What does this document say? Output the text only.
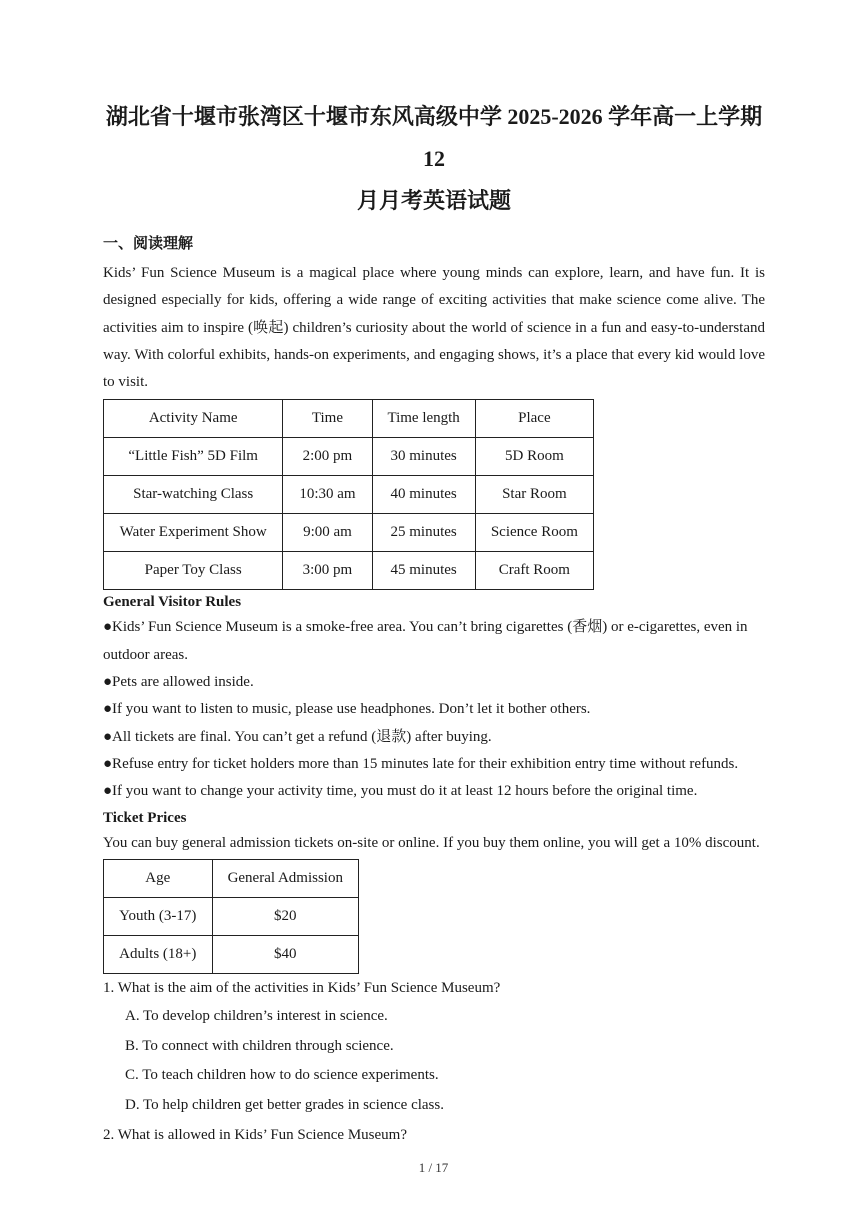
湖北省十堰市张湾区十堰市东风高级中学 2025-2026 学年高一上学期 12
月月考英语试题
一、阅读理解

Kids’ Fun Science Museum is a magical place where young minds can explore, learn, and have fun. It is designed especially for kids, offering a wide range of exciting activities that make science come alive. The activities aim to inspire (唤起) children’s curiosity about the world of science in a fun and easy-to-understand way. With colorful exhibits, hands-on experiments, and engaging shows, it’s a place that every kid would love to visit.

Activity Name	Time	Time length	Place
“Little Fish” 5D Film	2:00 pm	30 minutes	5D Room
Star-watching Class	10:30 am	40 minutes	Star Room
Water Experiment Show	9:00 am	25 minutes	Science Room
Paper Toy Class	3:00 pm	45 minutes	Craft Room
General Visitor Rules
●Kids’ Fun Science Museum is a smoke-free area. You can’t bring cigarettes (香烟) or e-cigarettes, even in outdoor areas.
●Pets are allowed inside.
●If you want to listen to music, please use headphones. Don’t let it bother others.
●All tickets are final. You can’t get a refund (退款) after buying.
●Refuse entry for ticket holders more than 15 minutes late for their exhibition entry time without refunds.
●If you want to change your activity time, you must do it at least 12 hours before the original time.
Ticket Prices

You can buy general admission tickets on-site or online. If you buy them online, you will get a 10% discount.

Age	General Admission
Youth (3-17)	$20
Adults (18+)	$40

1. What is the aim of the activities in Kids’ Fun Science Museum?

A. To develop children’s interest in science.
B. To connect with children through science.
C. To teach children how to do science experiments.
D. To help children get better grades in science class.

2. What is allowed in Kids’ Fun Science Museum?

1 / 17
